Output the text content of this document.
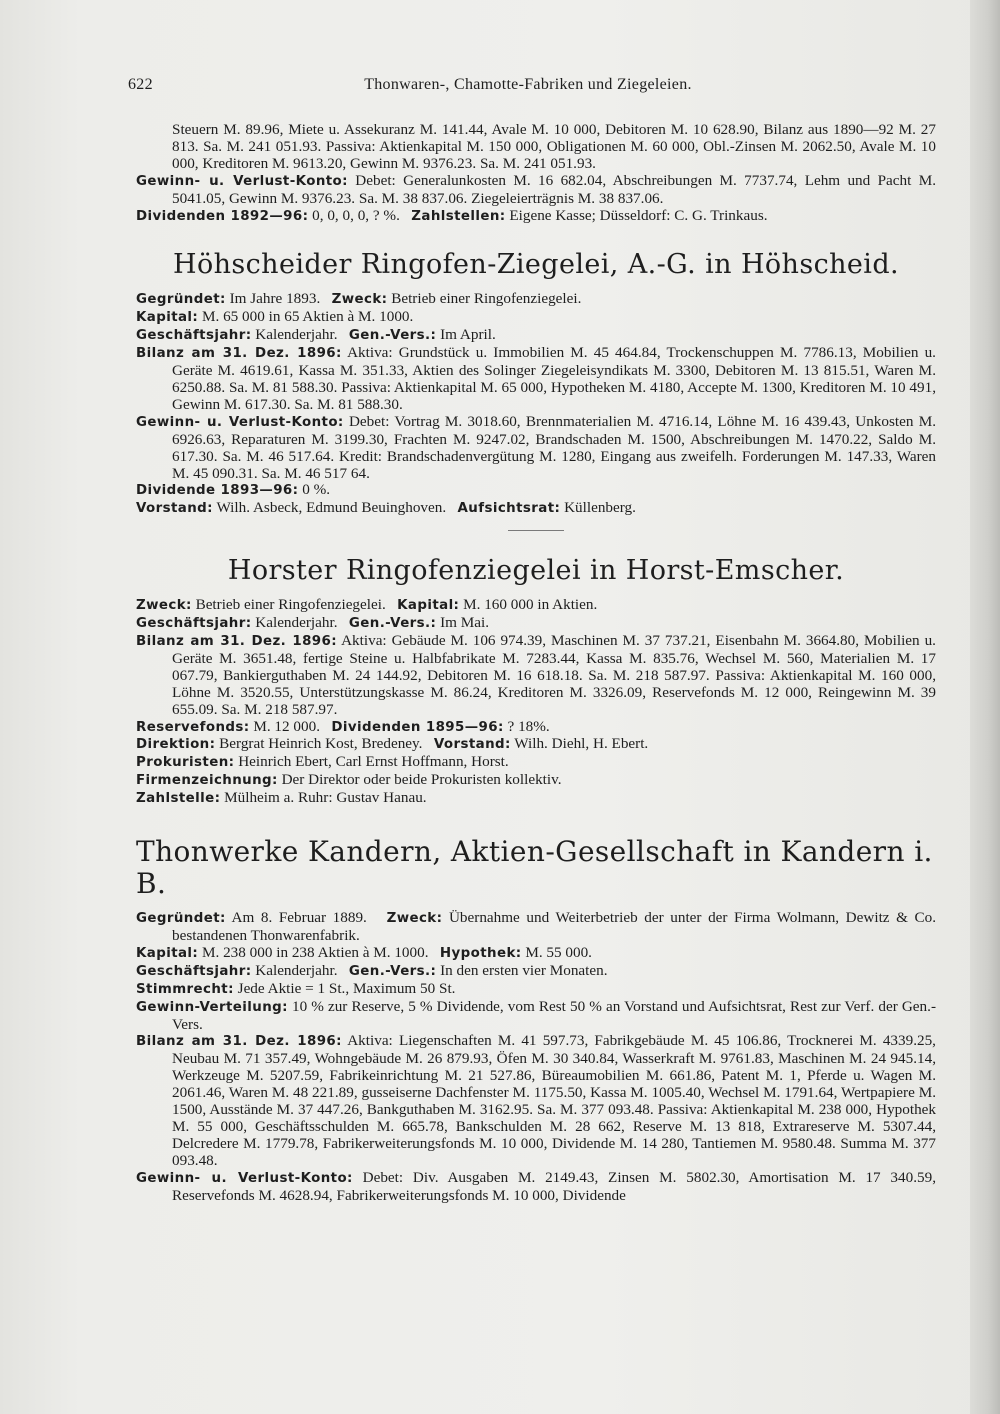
622	Thonwaren-, Chamotte-Fabriken und Ziegeleien.

Steuern M. 89.96, Miete u. Assekuranz M. 141.44, Avale M. 10 000, Debitoren M. 10 628.90, Bilanz aus 1890—92 M. 27 813. Sa. M. 241 051.93. Passiva: Aktienkapital M. 150 000, Obligationen M. 60 000, Obl.-Zinsen M. 2062.50, Avale M. 10 000, Kreditoren M. 9613.20, Gewinn M. 9376.23. Sa. M. 241 051.93.

Gewinn- u. Verlust-Konto: Debet: Generalunkosten M. 16 682.04, Abschreibungen M. 7737.74, Lehm und Pacht M. 5041.05, Gewinn M. 9376.23. Sa. M. 38 837.06. Ziegeleierträgnis M. 38 837.06.

Dividenden 1892—96: 0, 0, 0, 0, ? %. Zahlstellen: Eigene Kasse; Düsseldorf: C. G. Trinkaus.

Höhscheider Ringofen-Ziegelei, A.-G. in Höhscheid.

Gegründet: Im Jahre 1893. Zweck: Betrieb einer Ringofenziegelei.

Kapital: M. 65 000 in 65 Aktien à M. 1000.

Geschäftsjahr: Kalenderjahr. Gen.-Vers.: Im April.

Bilanz am 31. Dez. 1896: Aktiva: Grundstück u. Immobilien M. 45 464.84, Trockenschuppen M. 7786.13, Mobilien u. Geräte M. 4619.61, Kassa M. 351.33, Aktien des Solinger Ziegeleisyndikats M. 3300, Debitoren M. 13 815.51, Waren M. 6250.88. Sa. M. 81 588.30. Passiva: Aktienkapital M. 65 000, Hypotheken M. 4180, Accepte M. 1300, Kreditoren M. 10 491, Gewinn M. 617.30. Sa. M. 81 588.30.

Gewinn- u. Verlust-Konto: Debet: Vortrag M. 3018.60, Brennmaterialien M. 4716.14, Löhne M. 16 439.43, Unkosten M. 6926.63, Reparaturen M. 3199.30, Frachten M. 9247.02, Brandschaden M. 1500, Abschreibungen M. 1470.22, Saldo M. 617.30. Sa. M. 46 517.64. Kredit: Brandschadenvergütung M. 1280, Eingang aus zweifelh. Forderungen M. 147.33, Waren M. 45 090.31. Sa. M. 46 517 64.

Dividende 1893—96: 0 %.

Vorstand: Wilh. Asbeck, Edmund Beuinghoven. Aufsichtsrat: Küllenberg.

Horster Ringofenziegelei in Horst-Emscher.

Zweck: Betrieb einer Ringofenziegelei. Kapital: M. 160 000 in Aktien.

Geschäftsjahr: Kalenderjahr. Gen.-Vers.: Im Mai.

Bilanz am 31. Dez. 1896: Aktiva: Gebäude M. 106 974.39, Maschinen M. 37 737.21, Eisenbahn M. 3664.80, Mobilien u. Geräte M. 3651.48, fertige Steine u. Halbfabrikate M. 7283.44, Kassa M. 835.76, Wechsel M. 560, Materialien M. 17 067.79, Bankierguthaben M. 24 144.92, Debitoren M. 16 618.18. Sa. M. 218 587.97. Passiva: Aktienkapital M. 160 000, Löhne M. 3520.55, Unterstützungskasse M. 86.24, Kreditoren M. 3326.09, Reservefonds M. 12 000, Reingewinn M. 39 655.09. Sa. M. 218 587.97.

Reservefonds: M. 12 000. Dividenden 1895—96: ? 18%.

Direktion: Bergrat Heinrich Kost, Bredeney. Vorstand: Wilh. Diehl, H. Ebert.

Prokuristen: Heinrich Ebert, Carl Ernst Hoffmann, Horst.

Firmenzeichnung: Der Direktor oder beide Prokuristen kollektiv.

Zahlstelle: Mülheim a. Ruhr: Gustav Hanau.

Thonwerke Kandern, Aktien-Gesellschaft in Kandern i. B.

Gegründet: Am 8. Februar 1889. Zweck: Übernahme und Weiterbetrieb der unter der Firma Wolmann, Dewitz & Co. bestandenen Thonwarenfabrik.

Kapital: M. 238 000 in 238 Aktien à M. 1000. Hypothek: M. 55 000.

Geschäftsjahr: Kalenderjahr. Gen.-Vers.: In den ersten vier Monaten.

Stimmrecht: Jede Aktie = 1 St., Maximum 50 St.

Gewinn-Verteilung: 10 % zur Reserve, 5 % Dividende, vom Rest 50 % an Vorstand und Aufsichtsrat, Rest zur Verf. der Gen.-Vers.

Bilanz am 31. Dez. 1896: Aktiva: Liegenschaften M. 41 597.73, Fabrikgebäude M. 45 106.86, Trocknerei M. 4339.25, Neubau M. 71 357.49, Wohngebäude M. 26 879.93, Öfen M. 30 340.84, Wasserkraft M. 9761.83, Maschinen M. 24 945.14, Werkzeuge M. 5207.59, Fabrikeinrichtung M. 21 527.86, Büreaumobilien M. 661.86, Patent M. 1, Pferde u. Wagen M. 2061.46, Waren M. 48 221.89, gusseiserne Dachfenster M. 1175.50, Kassa M. 1005.40, Wechsel M. 1791.64, Wertpapiere M. 1500, Ausstände M. 37 447.26, Bankguthaben M. 3162.95. Sa. M. 377 093.48. Passiva: Aktienkapital M. 238 000, Hypothek M. 55 000, Geschäftsschulden M. 665.78, Bankschulden M. 28 662, Reserve M. 13 818, Extrareserve M. 5307.44, Delcredere M. 1779.78, Fabrikerweiterungsfonds M. 10 000, Dividende M. 14 280, Tantiemen M. 9580.48. Summa M. 377 093.48.

Gewinn- u. Verlust-Konto: Debet: Div. Ausgaben M. 2149.43, Zinsen M. 5802.30, Amortisation M. 17 340.59, Reservefonds M. 4628.94, Fabrikerweiterungsfonds M. 10 000, Dividende
